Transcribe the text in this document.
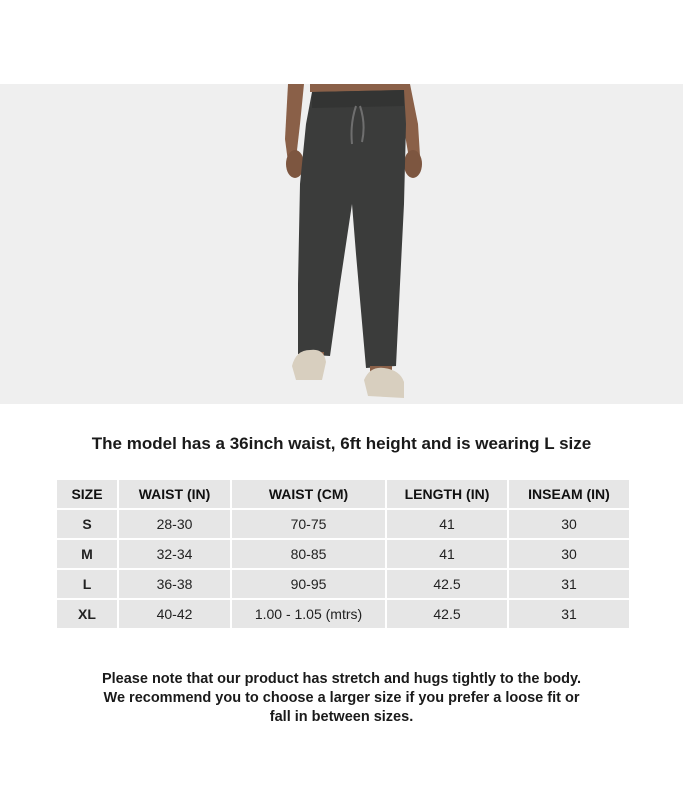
The model has a 36inch waist, 6ft height and is wearing L size
SIZE	WAIST (IN)	WAIST (CM)	LENGTH (IN)	INSEAM (IN)
S	28-30	70-75	41	30
M	32-34	80-85	41	30
L	36-38	90-95	42.5	31
XL	40-42	1.00 - 1.05 (mtrs)	42.5	31
Please note that our product has stretch and hugs tightly to the body.
We recommend you to choose a larger size if you prefer a loose fit or
fall in between sizes.
